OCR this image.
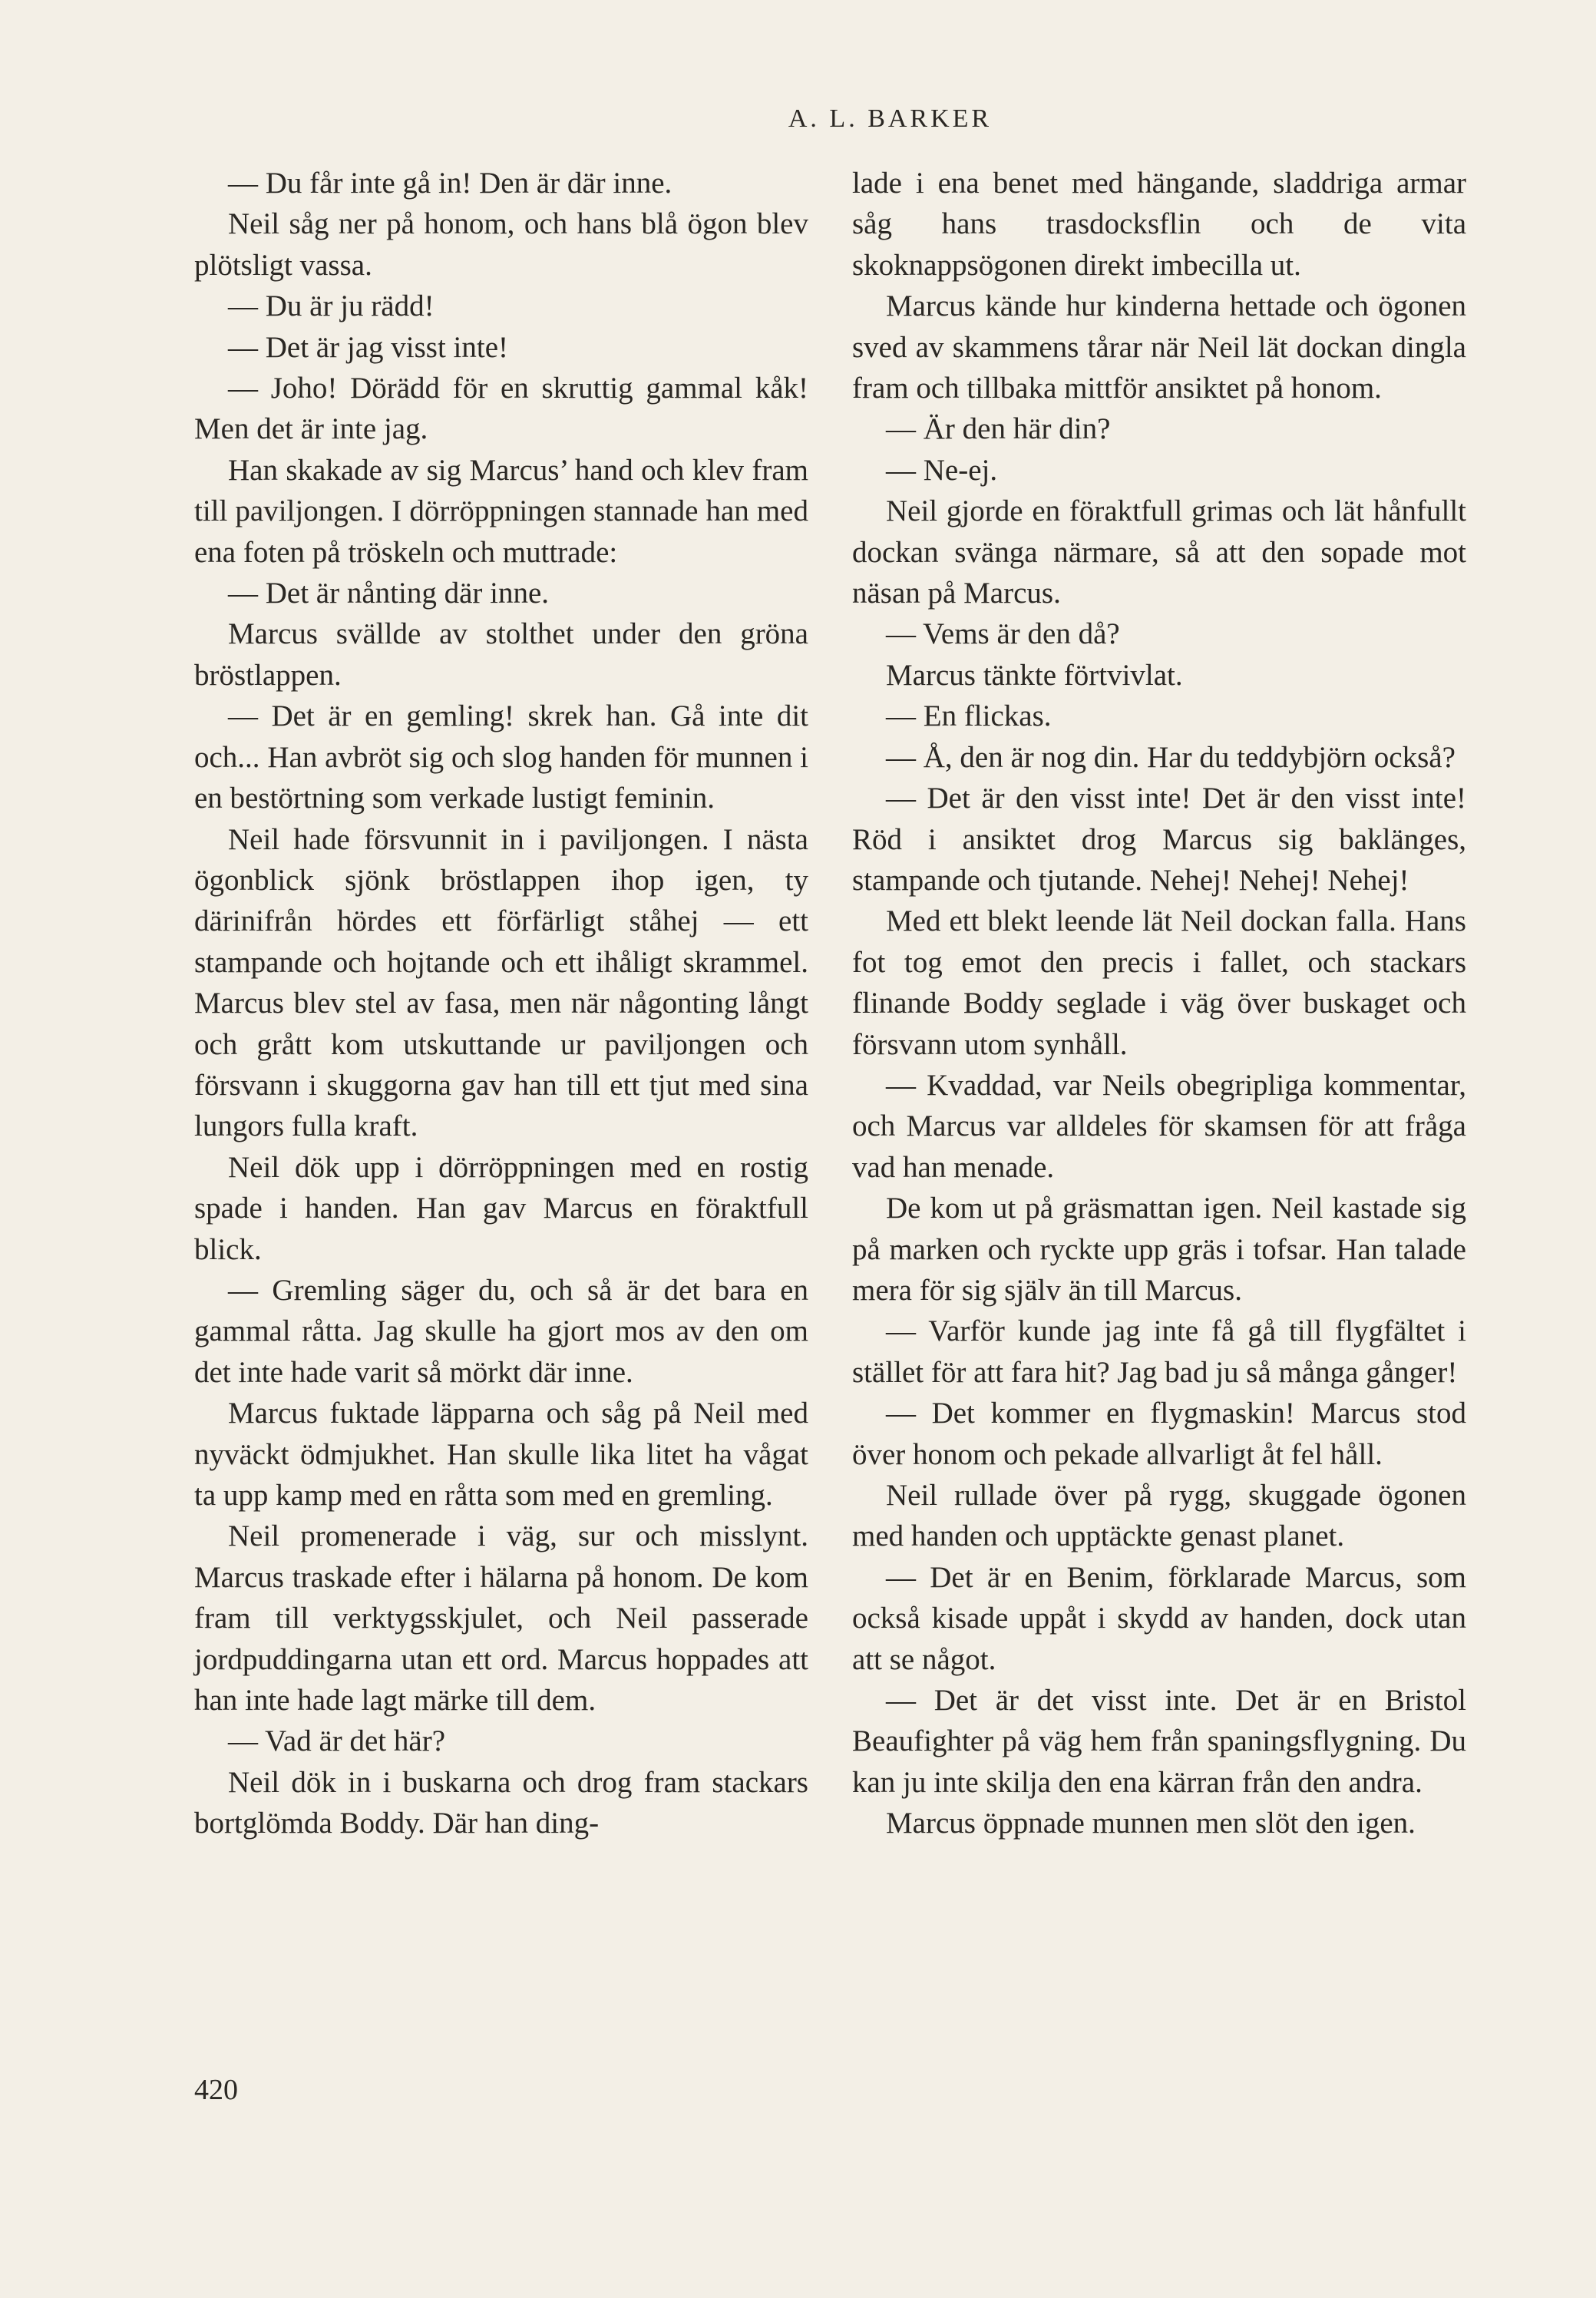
A. L. BARKER

— Du får inte gå in! Den är där inne.

Neil såg ner på honom, och hans blå ögon blev plötsligt vassa.

— Du är ju rädd!

— Det är jag visst inte!

— Joho! Dörädd för en skruttig gammal kåk! Men det är inte jag.

Han skakade av sig Marcus’ hand och klev fram till paviljongen. I dörröppningen stannade han med ena foten på tröskeln och muttrade:

— Det är nånting där inne.

Marcus svällde av stolthet under den gröna bröstlappen.

— Det är en gemling! skrek han. Gå inte dit och... Han avbröt sig och slog handen för munnen i en bestörtning som verkade lustigt feminin.

Neil hade försvunnit in i paviljongen. I nästa ögonblick sjönk bröstlappen ihop igen, ty därinifrån hördes ett förfärligt ståhej — ett stampande och hojtande och ett ihåligt skrammel. Marcus blev stel av fasa, men när någonting långt och grått kom utskuttande ur paviljongen och försvann i skuggorna gav han till ett tjut med sina lungors fulla kraft.

Neil dök upp i dörröppningen med en rostig spade i handen. Han gav Marcus en föraktfull blick.

— Gremling säger du, och så är det bara en gammal råtta. Jag skulle ha gjort mos av den om det inte hade varit så mörkt där inne.

Marcus fuktade läpparna och såg på Neil med nyväckt ödmjukhet. Han skulle lika litet ha vågat ta upp kamp med en råtta som med en gremling.

Neil promenerade i väg, sur och misslynt. Marcus traskade efter i hälarna på honom. De kom fram till verktygsskjulet, och Neil passerade jordpuddingarna utan ett ord. Marcus hoppades att han inte hade lagt märke till dem.

— Vad är det här?

Neil dök in i buskarna och drog fram stackars bortglömda Boddy. Där han ding-

lade i ena benet med hängande, sladdriga armar såg hans trasdocksflin och de vita skoknappsögonen direkt imbecilla ut.

Marcus kände hur kinderna hettade och ögonen sved av skammens tårar när Neil lät dockan dingla fram och tillbaka mittför ansiktet på honom.

— Är den här din?

— Ne-ej.

Neil gjorde en föraktfull grimas och lät hånfullt dockan svänga närmare, så att den sopade mot näsan på Marcus.

— Vems är den då?

Marcus tänkte förtvivlat.

— En flickas.

— Å, den är nog din. Har du teddybjörn också?

— Det är den visst inte! Det är den visst inte! Röd i ansiktet drog Marcus sig baklänges, stampande och tjutande. Nehej! Nehej! Nehej!

Med ett blekt leende lät Neil dockan falla. Hans fot tog emot den precis i fallet, och stackars flinande Boddy seglade i väg över buskaget och försvann utom synhåll.

— Kvaddad, var Neils obegripliga kommentar, och Marcus var alldeles för skamsen för att fråga vad han menade.

De kom ut på gräsmattan igen. Neil kastade sig på marken och ryckte upp gräs i tofsar. Han talade mera för sig själv än till Marcus.

— Varför kunde jag inte få gå till flygfältet i stället för att fara hit? Jag bad ju så många gånger!

— Det kommer en flygmaskin! Marcus stod över honom och pekade allvarligt åt fel håll.

Neil rullade över på rygg, skuggade ögonen med handen och upptäckte genast planet.

— Det är en Benim, förklarade Marcus, som också kisade uppåt i skydd av handen, dock utan att se något.

— Det är det visst inte. Det är en Bristol Beaufighter på väg hem från spaningsflygning. Du kan ju inte skilja den ena kärran från den andra.

Marcus öppnade munnen men slöt den igen.

420
